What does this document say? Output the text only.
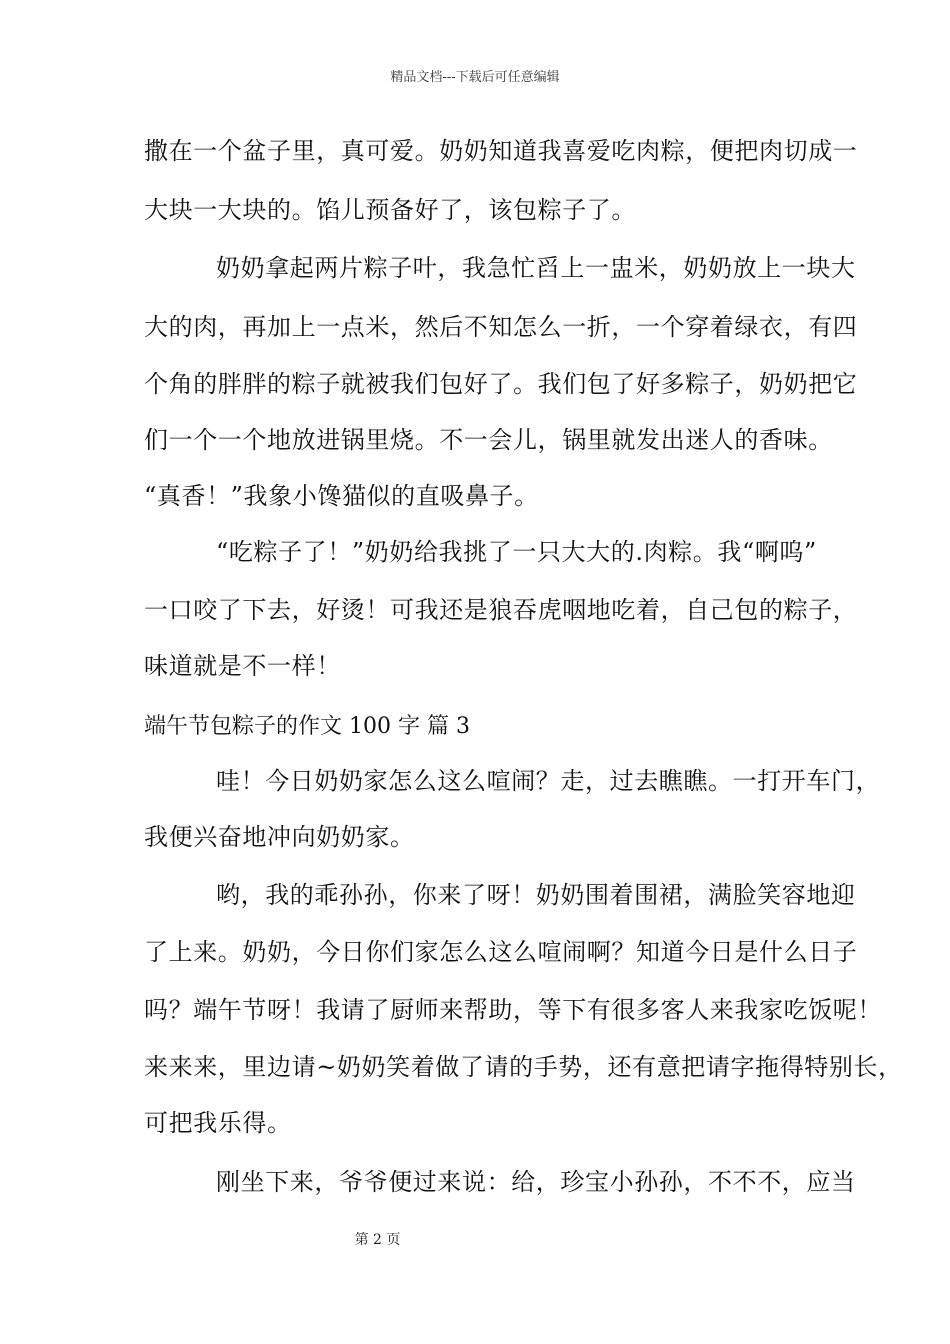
精品文档---下载后可任意编辑
撒在一个盆子里，真可爱。奶奶知道我喜爱吃肉粽，便把肉切成一
大块一大块的。馅儿预备好了，该包粽子了。
奶奶拿起两片粽子叶，我急忙舀上一盅米，奶奶放上一块大
大的肉，再加上一点米，然后不知怎么一折，一个穿着绿衣，有四
个角的胖胖的粽子就被我们包好了。我们包了好多粽子，奶奶把它
们一个一个地放进锅里烧。不一会儿，锅里就发出迷人的香味。
“真香！”我象小馋猫似的直吸鼻子。
“吃粽子了！”奶奶给我挑了一只大大的.肉粽。我“啊呜”
一口咬了下去，好烫！可我还是狼吞虎咽地吃着，自己包的粽子，
味道就是不一样！
端午节包粽子的作文 100 字 篇 3
哇！今日奶奶家怎么这么喧闹？走，过去瞧瞧。一打开车门，
我便兴奋地冲向奶奶家。
哟，我的乖孙孙，你来了呀！奶奶围着围裙，满脸笑容地迎
了上来。奶奶，今日你们家怎么这么喧闹啊？知道今日是什么日子
吗？端午节呀！我请了厨师来帮助，等下有很多客人来我家吃饭呢！
来来来，里边请~奶奶笑着做了请的手势，还有意把请字拖得特别长，
可把我乐得。
刚坐下来，爷爷便过来说：给，珍宝小孙孙，不不不，应当
第 2 页
